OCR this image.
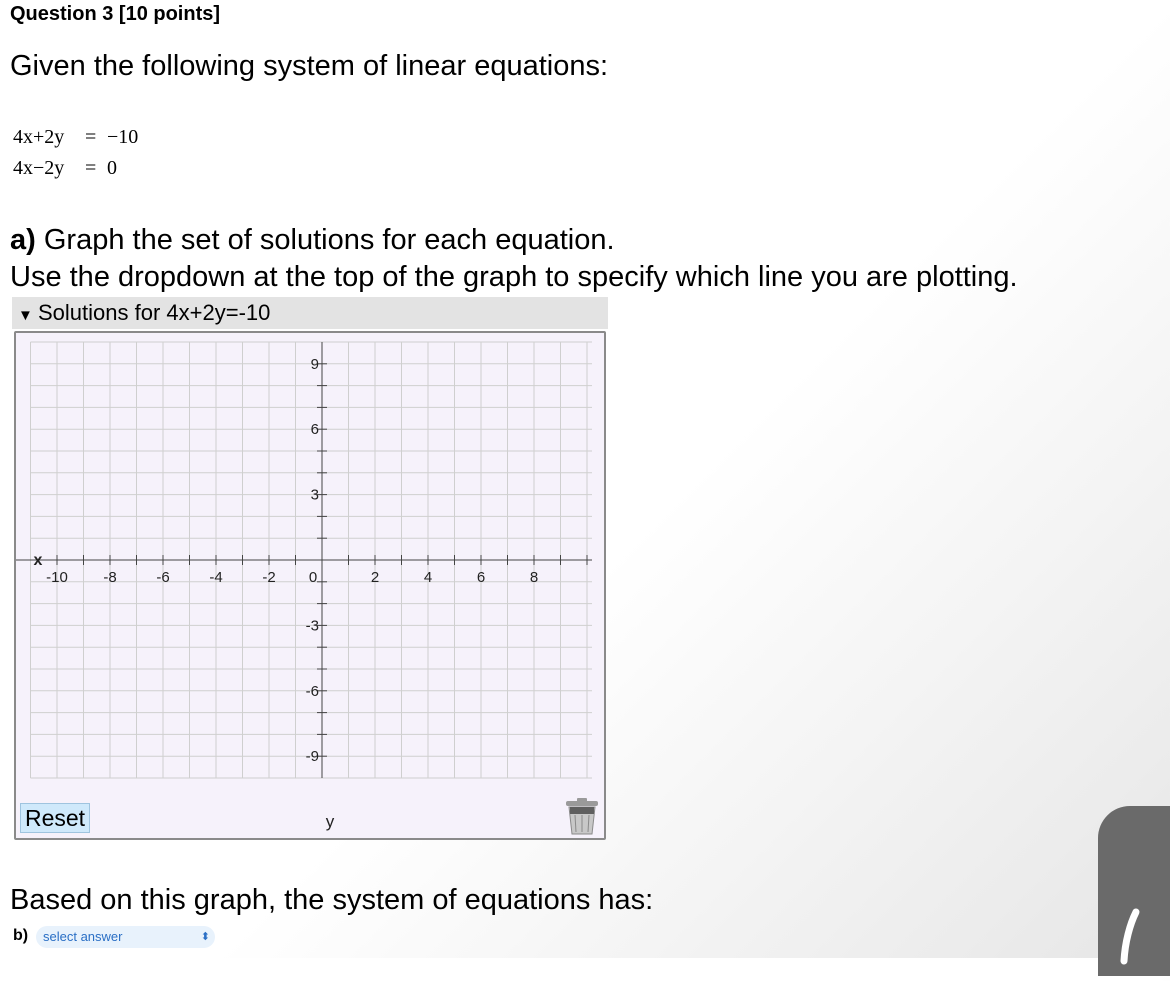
Question 3 [10 points]
Given the following system of linear equations:
4x+2y = −10
4x−2y = 0
a) Graph the set of solutions for each equation.
Use the dropdown at the top of the graph to specify which line you are plotting.
▼ Solutions for 4x+2y=-10
-10 -8	-6	-4	-2 0	2	4	6	8
9
6
3
-3
-6
-9
x
y
Reset
Based on this graph, the system of equations has:
b)	select answer	⬍
